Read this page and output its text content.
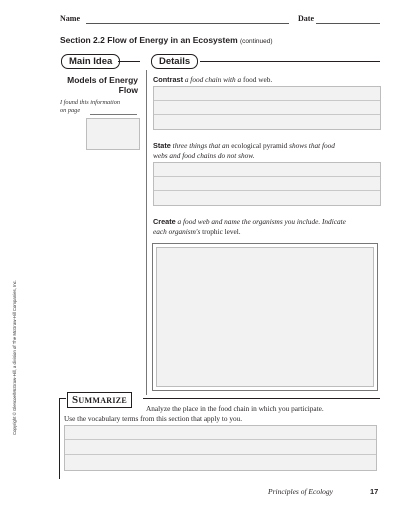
Name	Date
Section 2.2 Flow of Energy in an Ecosystem (continued)
Main Idea	Details
Models of Energy
Flow
I found this information
on page
Contrast a food chain with a food web.
State three things that an ecological pyramid shows that food
webs and food chains do not show.
Create a food web and name the organisms you include. Indicate
each organism's trophic level.
Summarize
Analyze the place in the food chain in which you participate.
Use the vocabulary terms from this section that apply to you.
Principles of Ecology	17
Copyright © Glencoe/McGraw-Hill, a division of The McGraw-Hill Companies, Inc.
